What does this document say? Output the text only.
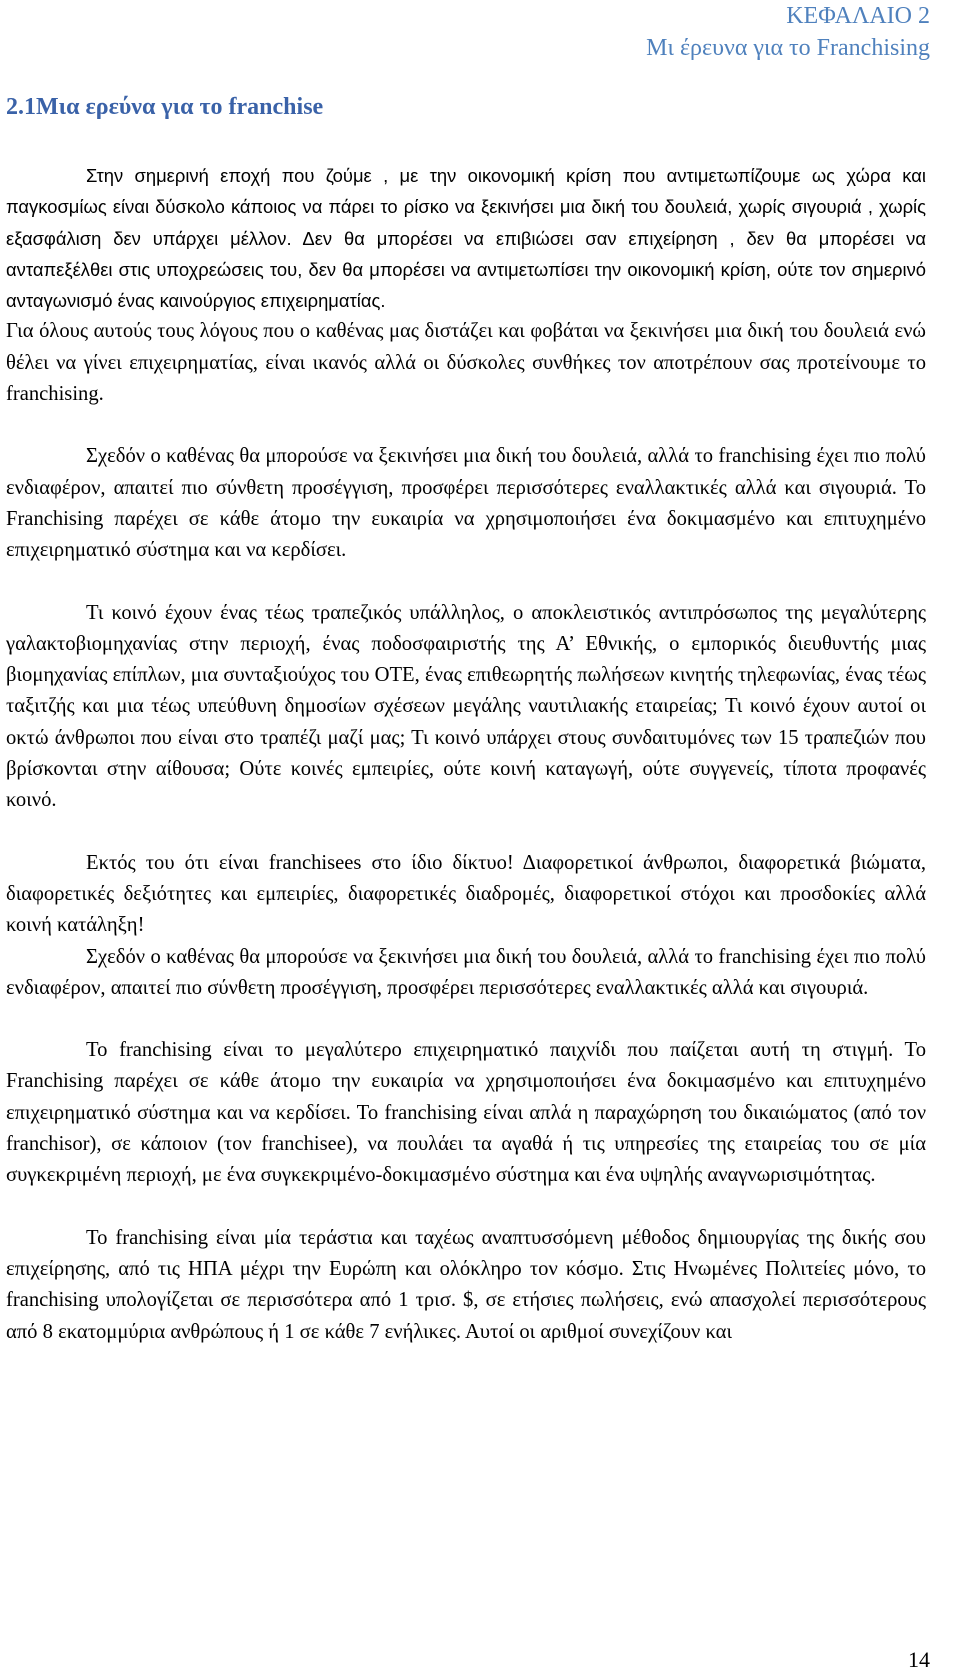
ΚΕΦΑΛΑΙΟ 2
Μι έρευνα για το Franchising
2.1Μια ερεύνα για το franchise

Στην σημερινή εποχή που ζούμε , με την οικονομική κρίση που αντιμετωπίζουμε ως χώρα και παγκοσμίως είναι δύσκολο κάποιος να πάρει το ρίσκο να ξεκινήσει μια δική του δουλειά, χωρίς σιγουριά , χωρίς εξασφάλιση δεν υπάρχει μέλλον. Δεν θα μπορέσει να επιβιώσει σαν επιχείρηση , δεν θα μπορέσει να ανταπεξέλθει στις υποχρεώσεις του, δεν θα μπορέσει να αντιμετωπίσει την οικονομική κρίση, ούτε τον σημερινό ανταγωνισμό ένας καινούργιος επιχειρηματίας.

Για όλους αυτούς τους λόγους που ο καθένας μας διστάζει και φοβάται να ξεκινήσει μια δική του δουλειά ενώ θέλει να γίνει επιχειρηματίας, είναι ικανός αλλά οι δύσκολες συνθήκες τον αποτρέπουν σας προτείνουμε το franchising.

Σχεδόν ο καθένας θα μπορούσε να ξεκινήσει μια δική του δουλειά, αλλά το franchising έχει πιο πολύ ενδιαφέρον, απαιτεί πιο σύνθετη προσέγγιση, προσφέρει περισσότερες εναλλακτικές αλλά και σιγουριά. Το Franchising παρέχει σε κάθε άτομο την ευκαιρία να χρησιμοποιήσει ένα δοκιμασμένο και επιτυχημένο επιχειρηματικό σύστημα και να κερδίσει.

Τι κοινό έχουν ένας τέως τραπεζικός υπάλληλος, ο αποκλειστικός αντιπρόσωπος της μεγαλύτερης γαλακτοβιομηχανίας στην περιοχή, ένας ποδοσφαιριστής της Α’ Εθνικής, ο εμπορικός διευθυντής μιας βιομηχανίας επίπλων, μια συνταξιούχος του ΟΤΕ, ένας επιθεωρητής πωλήσεων κινητής τηλεφωνίας, ένας τέως ταξιτζής και μια τέως υπεύθυνη δημοσίων σχέσεων μεγάλης ναυτιλιακής εταιρείας; Τι κοινό έχουν αυτοί οι οκτώ άνθρωποι που είναι στο τραπέζι μαζί μας; Τι κοινό υπάρχει στους συνδαιτυμόνες των 15 τραπεζιών που βρίσκονται στην αίθουσα; Ούτε κοινές εμπειρίες, ούτε κοινή καταγωγή, ούτε συγγενείς, τίποτα προφανές κοινό.

Εκτός του ότι είναι franchisees στο ίδιο δίκτυο! Διαφορετικοί άνθρωποι, διαφορετικά βιώματα, διαφορετικές δεξιότητες και εμπειρίες, διαφορετικές διαδρομές, διαφορετικοί στόχοι και προσδοκίες αλλά κοινή κατάληξη!

Σχεδόν ο καθένας θα μπορούσε να ξεκινήσει μια δική του δουλειά, αλλά το franchising έχει πιο πολύ ενδιαφέρον, απαιτεί πιο σύνθετη προσέγγιση, προσφέρει περισσότερες εναλλακτικές αλλά και σιγουριά.

Το franchising είναι το μεγαλύτερο επιχειρηματικό παιχνίδι που παίζεται αυτή τη στιγμή. Το Franchising παρέχει σε κάθε άτομο την ευκαιρία να χρησιμοποιήσει ένα δοκιμασμένο και επιτυχημένο επιχειρηματικό σύστημα και να κερδίσει. Το franchising είναι απλά η παραχώρηση του δικαιώματος (από τον franchisor), σε κάποιον (τον franchisee), να πουλάει τα αγαθά ή τις υπηρεσίες της εταιρείας του σε μία συγκεκριμένη περιοχή, με ένα συγκεκριμένο-δοκιμασμένο σύστημα και ένα υψηλής αναγνωρισιμότητας.

Το franchising είναι μία τεράστια και ταχέως αναπτυσσόμενη μέθοδος δημιουργίας της δικής σου επιχείρησης, από τις ΗΠΑ μέχρι την Ευρώπη και ολόκληρο τον κόσμο. Στις Ηνωμένες Πολιτείες μόνο, το franchising υπολογίζεται σε περισσότερα από 1 τρισ. $, σε ετήσιες πωλήσεις, ενώ απασχολεί περισσότερους από 8 εκατομμύρια ανθρώπους ή 1 σε κάθε 7 ενήλικες. Αυτοί οι αριθμοί συνεχίζουν και

14
